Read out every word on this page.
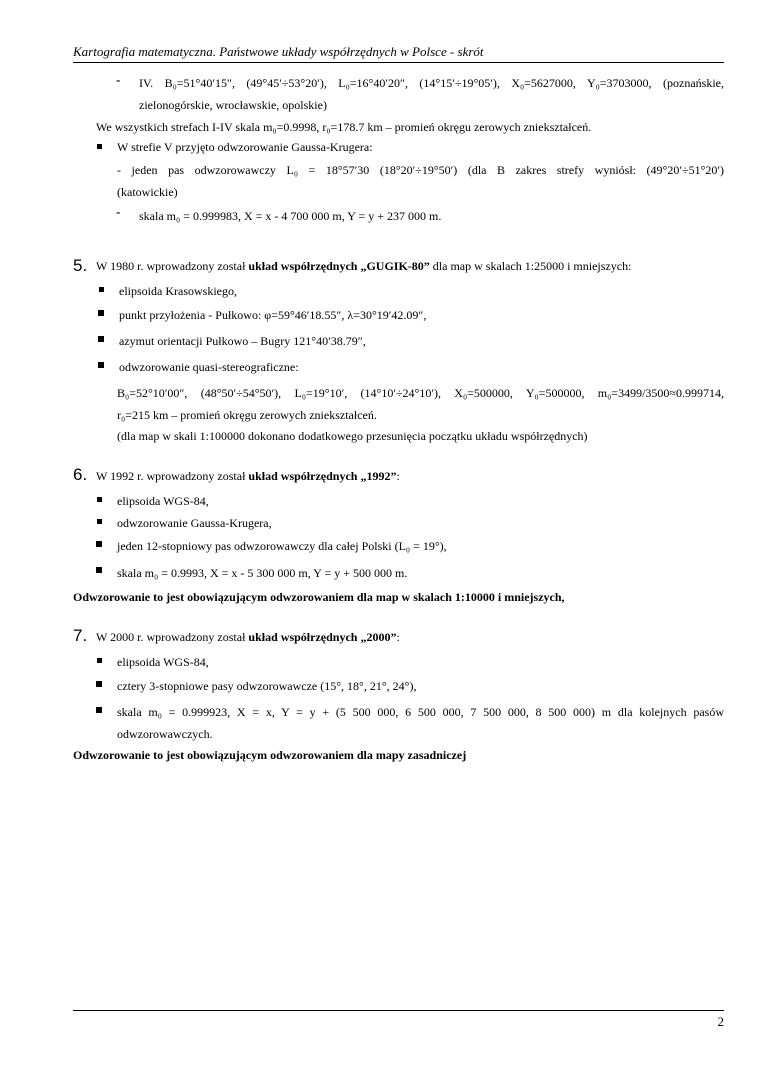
Kartografia matematyczna. Państwowe układy współrzędnych w Polsce - skrót
- IV. B₀=51°40′15″, (49°45′÷53°20′), L₀=16°40′20″, (14°15′÷19°05′), X₀=5627000, Y₀=3703000, (poznańskie,
zielonogórskie, wrocławskie, opolskie)
We wszystkich strefach I-IV skala m₀=0.9998, r₀=178.7 km – promień okręgu zerowych zniekształceń.
W strefie V przyjęto odwzorowanie Gaussa-Krugera:
- jeden pas odwzorowawczy L₀ = 18°57′30 (18°20′÷19°50′) (dla B zakres strefy wyniósł: (49°20′÷51°20′)
(katowickie)
- skala m₀ = 0.999983, X = x - 4 700 000 m, Y = y + 237 000 m.
5. W 1980 r. wprowadzony został układ współrzędnych „GUGIK-80” dla map w skalach 1:25000 i mniejszych:
elipsoida Krasowskiego,
punkt przyłożenia - Pułkowo: φ=59°46′18.55″, λ=30°19′42.09″,
azymut orientacji Pułkowo – Bugry 121°40′38.79″,
odwzorowanie quasi-stereograficzne:
B₀=52°10′00″, (48°50′÷54°50′), L₀=19°10′, (14°10′÷24°10′), X₀=500000, Y₀=500000, m₀=3499/3500≈0.999714,
r₀=215 km – promień okręgu zerowych zniekształceń.
(dla map w skali 1:100000 dokonano dodatkowego przesunięcia początku układu współrzędnych)
6. W 1992 r. wprowadzony został układ współrzędnych „1992”:
elipsoida WGS-84,
odwzorowanie Gaussa-Krugera,
jeden 12-stopniowy pas odwzorowawczy dla całej Polski (L₀ = 19°),
skala m₀ = 0.9993, X = x - 5 300 000 m, Y = y + 500 000 m.
Odwzorowanie to jest obowiązującym odwzorowaniem dla map w skalach 1:10000 i mniejszych,
7. W 2000 r. wprowadzony został układ współrzędnych „2000”:
elipsoida WGS-84,
cztery 3-stopniowe pasy odwzorowawcze (15°, 18°, 21°, 24°),
skala m₀ = 0.999923, X = x, Y = y + (5 500 000, 6 500 000, 7 500 000, 8 500 000) m dla kolejnych pasów
odwzorowawczych.
Odwzorowanie to jest obowiązującym odwzorowaniem dla mapy zasadniczej
2
